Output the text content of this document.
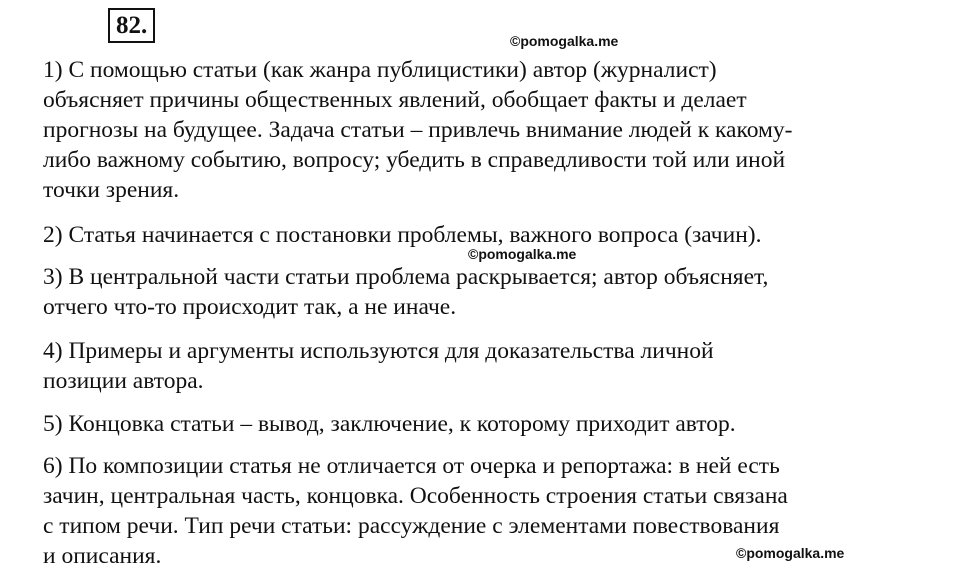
82.
©pomogalka.me
©pomogalka.me
©pomogalka.me

1) С помощью статьи (как жанра публицистики) автор (журналист)
объясняет причины общественных явлений, обобщает факты и делает
прогнозы на будущее. Задача статьи – привлечь внимание людей к какому-
либо важному событию, вопросу; убедить в справедливости той или иной
точки зрения.

2) Статья начинается с постановки проблемы, важного вопроса (зачин).

3) В центральной части статьи проблема раскрывается; автор объясняет,
отчего что-то происходит так, а не иначе.

4) Примеры и аргументы используются для доказательства личной
позиции автора.

5) Концовка статьи – вывод, заключение, к которому приходит автор.

6) По композиции статья не отличается от очерка и репортажа: в ней есть
зачин, центральная часть, концовка. Особенность строения статьи связана
с типом речи. Тип речи статьи: рассуждение с элементами повествования
и описания.
